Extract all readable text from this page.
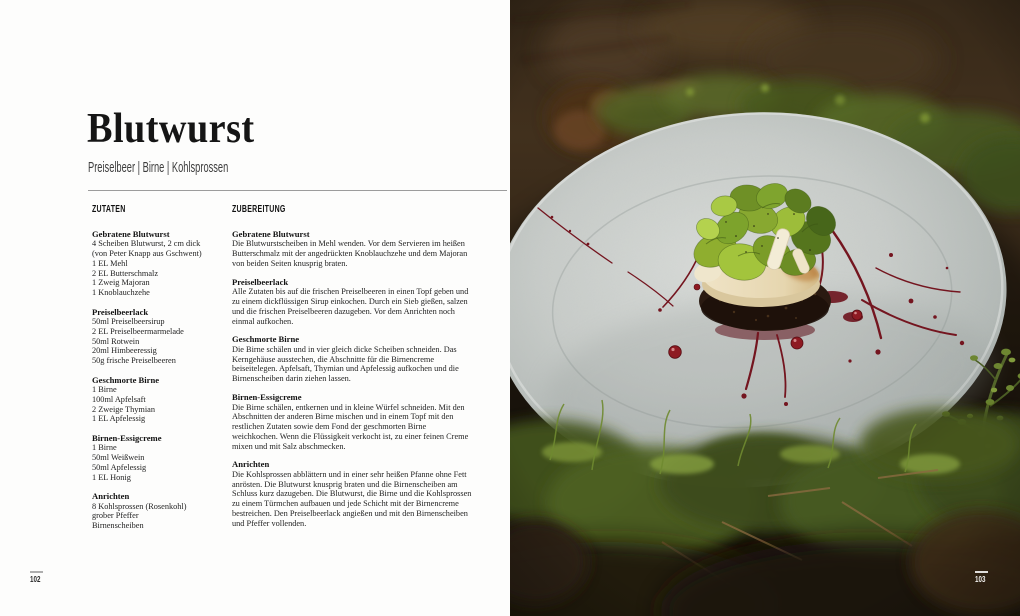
Blutwurst
Preiselbeer | Birne | Kohlsprossen
ZUTATEN
Gebratene Blutwurst
4 Scheiben Blutwurst, 2 cm dick
(von Peter Knapp aus Gschwent)
1 EL Mehl
2 EL Butterschmalz
1 Zweig Majoran
1 Knoblauchzehe
Preiselbeerlack
50ml Preiselbeersirup
2 EL Preiselbeermarmelade
50ml Rotwein
20ml Himbeeressig
50g frische Preiselbeeren
Geschmorte Birne
1 Birne
100ml Apfelsaft
2 Zweige Thymian
1 EL Apfelessig
Birnen-Essigcreme
1 Birne
50ml Weißwein
50ml Apfelessig
1 EL Honig
Anrichten
8 Kohlsprossen (Rosenkohl)
grober Pfeffer
Birnenscheiben
ZUBEREITUNG
Gebratene Blutwurst
Die Blutwurstscheiben in Mehl wenden. Vor dem Servieren im heißen Butterschmalz mit der angedrückten Knoblauchzehe und dem Majoran von beiden Seiten knusprig braten.
Preiselbeerlack
Alle Zutaten bis auf die frischen Preiselbeeren in einen Topf geben und zu einem dickflüssigen Sirup einkochen. Durch ein Sieb gießen, salzen und die frischen Preiselbeeren dazugeben. Vor dem Anrichten noch einmal aufkochen.
Geschmorte Birne
Die Birne schälen und in vier gleich dicke Scheiben schneiden. Das Kerngehäuse ausstechen, die Abschnitte für die Birnencreme beiseitelegen. Apfelsaft, Thymian und Apfelessig aufkochen und die Birnenscheiben darin ziehen lassen.
Birnen-Essigcreme
Die Birne schälen, entkernen und in kleine Würfel schneiden. Mit den Abschnitten der anderen Birne mischen und in einem Topf mit den restlichen Zutaten sowie dem Fond der geschmorten Birne weichkochen. Wenn die Flüssigkeit verkocht ist, zu einer feinen Creme mixen und mit Salz abschmecken.
Anrichten
Die Kohlsprossen abblättern und in einer sehr heißen Pfanne ohne Fett anrösten. Die Blutwurst knusprig braten und die Birnenscheiben am Schluss kurz dazugeben. Die Blutwurst, die Birne und die Kohlsprossen zu einem Türmchen aufbauen und jede Schicht mit der Birnencreme bestreichen. Den Preiselbeerlack angießen und mit den Birnenscheiben und Pfeffer vollenden.
102	103
